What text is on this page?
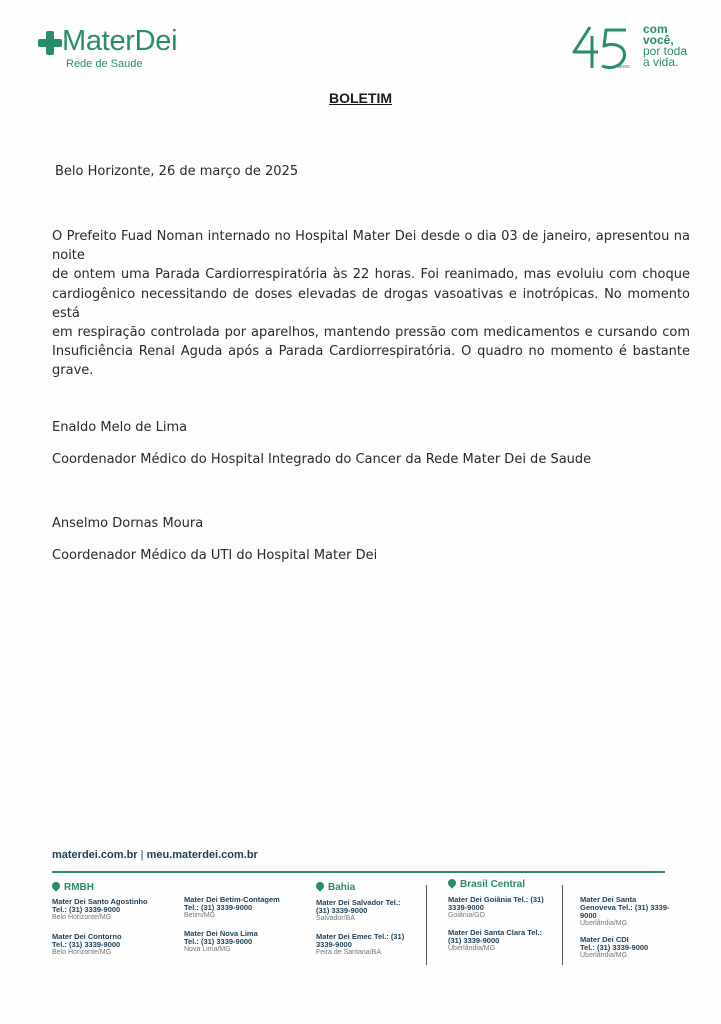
MaterDei
Rede de Saude	anos
com
você,
por toda
a vida.
BOLETIM
Belo Horizonte, 26 de março de 2025
O Prefeito Fuad Noman internado no Hospital Mater Dei desde o dia 03 de janeiro, apresentou na noite
de ontem uma Parada Cardiorrespiratória às 22 horas. Foi reanimado, mas evoluiu com choque
cardiogênico necessitando de doses elevadas de drogas vasoativas e inotrópicas. No momento está
em respiração controlada por aparelhos, mantendo pressão com medicamentos e cursando com
Insuficiência Renal Aguda após a Parada Cardiorrespiratória. O quadro no momento é bastante grave.
Enaldo Melo de Lima
Coordenador Médico do Hospital Integrado do Cancer da Rede Mater Dei de Saude
Anselmo Dornas Moura
Coordenador Médico da UTI do Hospital Mater Dei
materdei.com.br | meu.materdei.com.br
RMBH	Bahia	Brasil Central
Mater Dei Santo Agostinho
Tel.: (31) 3339-9000
Belo Horizonte/MG
Mater Dei Contorno
Tel.: (31) 3339-9000
Belo Horizonte/MG
Mater Dei Betim-Contagem
Tel.: (31) 3339-9000
Betim/MG
Mater Dei Nova Lima
Tel.: (31) 3339-9000
Nova Lima/MG
Mater Dei Salvador Tel.:
(31) 3339-9000
Salvador/BA
Mater Dei Emec Tel.: (31)
3339-9000
Feira de Santana/BA
Mater Dei Goiânia Tel.: (31)
3339-9000
Goiânia/GO
Mater Dei Santa Clara Tel.:
(31) 3339-9000
Uberlândia/MG
Mater Dei Santa
Genoveva Tel.: (31) 3339-9000
Uberlândia/MG
Mater Dei CDI
Tel.: (31) 3339-9000
Uberlândia/MG
